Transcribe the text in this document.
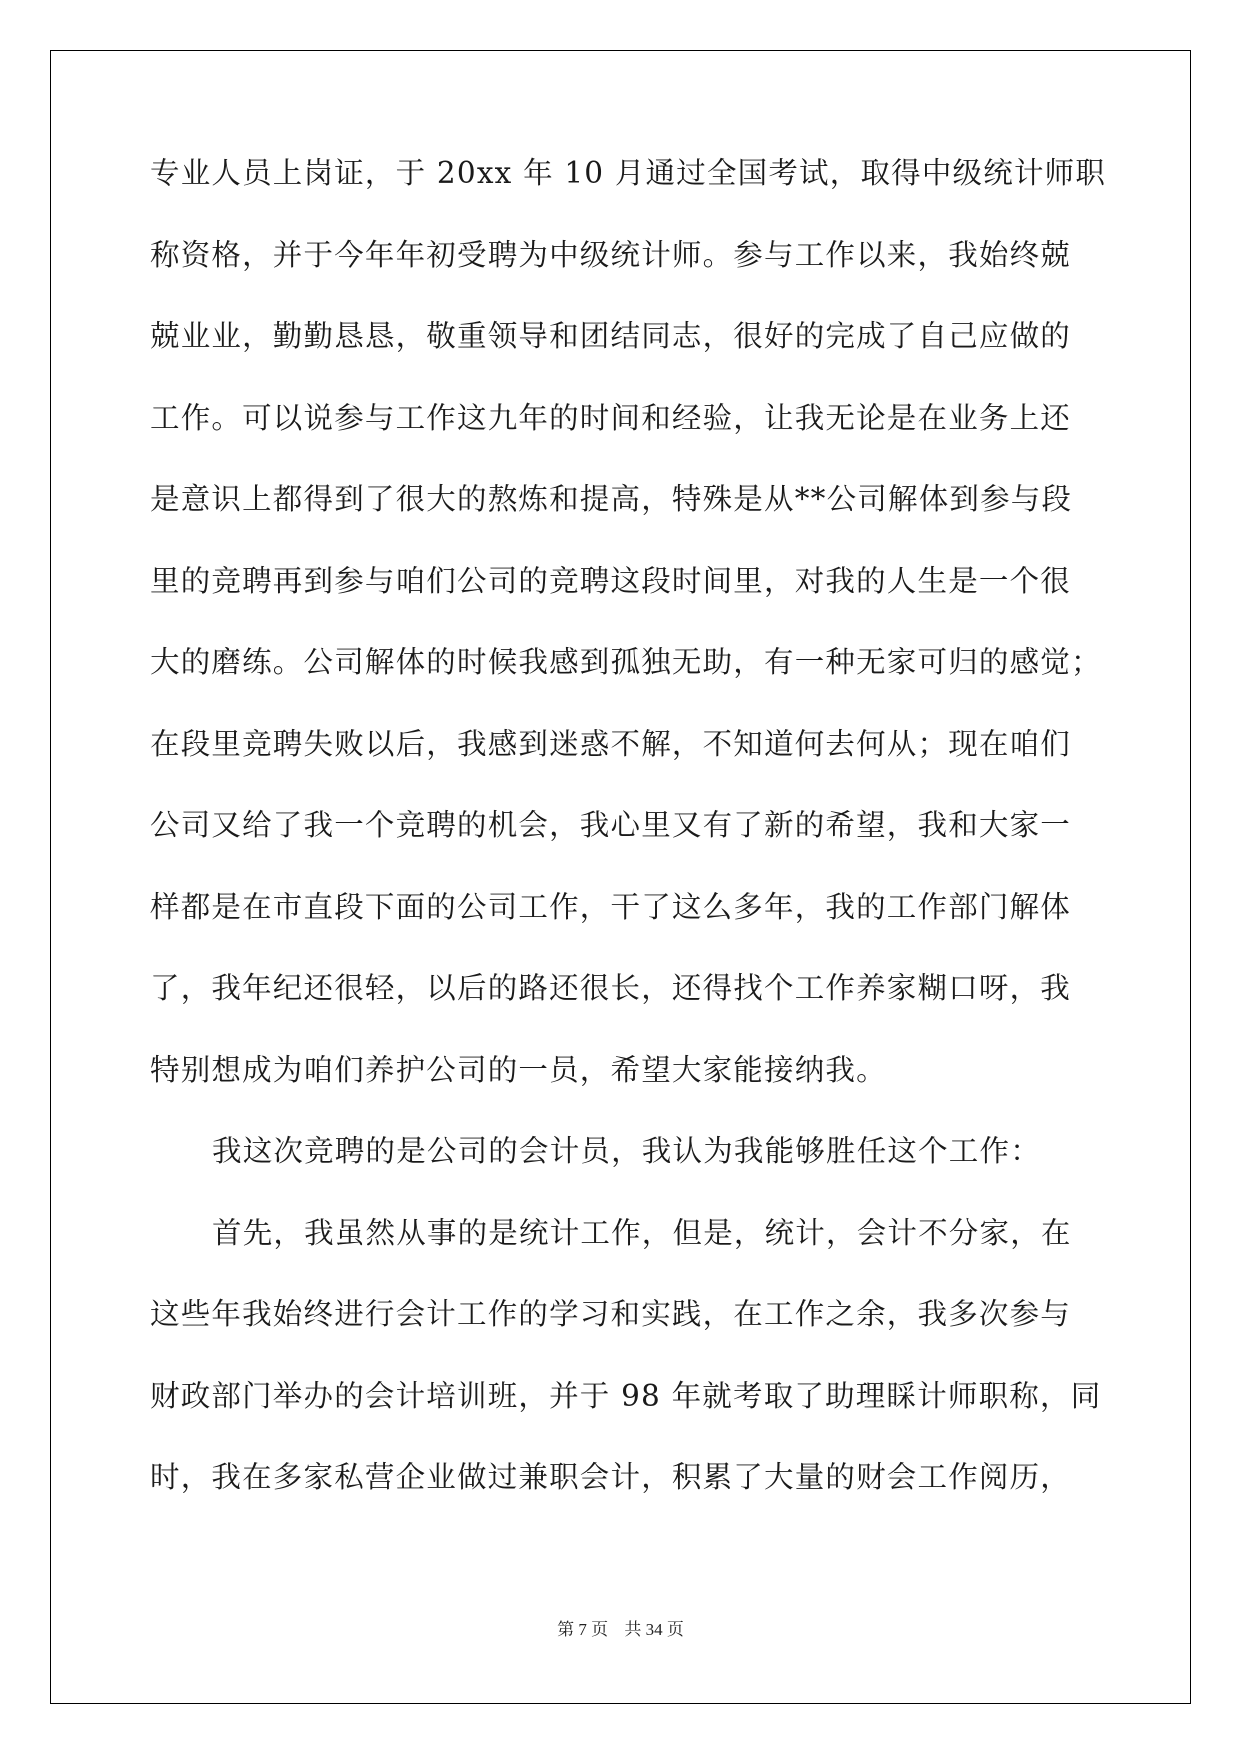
专业人员上岗证，于 20xx 年 10 月通过全国考试，取得中级统计师职
称资格，并于今年年初受聘为中级统计师。参与工作以来，我始终兢
兢业业，勤勤恳恳，敬重领导和团结同志，很好的完成了自己应做的
工作。可以说参与工作这九年的时间和经验，让我无论是在业务上还
是意识上都得到了很大的熬炼和提高，特殊是从**公司解体到参与段
里的竞聘再到参与咱们公司的竞聘这段时间里，对我的人生是一个很
大的磨练。公司解体的时候我感到孤独无助，有一种无家可归的感觉；
在段里竞聘失败以后，我感到迷惑不解，不知道何去何从；现在咱们
公司又给了我一个竞聘的机会，我心里又有了新的希望，我和大家一
样都是在市直段下面的公司工作，干了这么多年，我的工作部门解体
了，我年纪还很轻，以后的路还很长，还得找个工作养家糊口呀，我
特别想成为咱们养护公司的一员，希望大家能接纳我。
我这次竞聘的是公司的会计员，我认为我能够胜任这个工作：
首先，我虽然从事的是统计工作，但是，统计，会计不分家，在
这些年我始终进行会计工作的学习和实践，在工作之余，我多次参与
财政部门举办的会计培训班，并于 98 年就考取了助理睬计师职称，同
时，我在多家私营企业做过兼职会计，积累了大量的财会工作阅历，
第 7 页 共 34 页
